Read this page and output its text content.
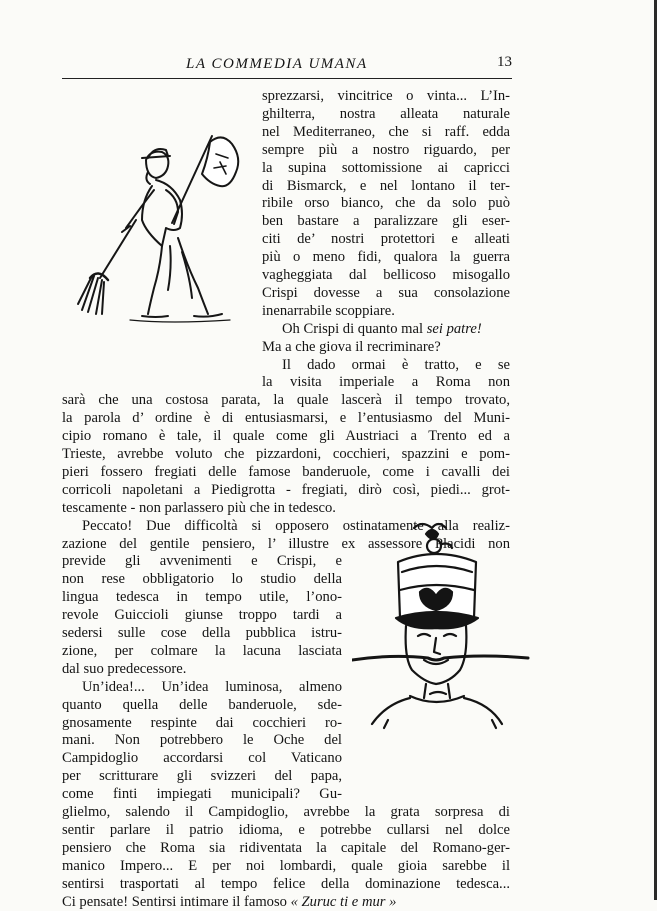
LA COMMEDIA UMANA	13
sprezzarsi, vincitrice o vinta... L’In-
ghilterra, nostra alleata naturale
nel Mediterraneo, che si raff. edda
sempre più a nostro riguardo, per
la supina sottomissione ai capricci
di Bismarck, e nel lontano il ter-
ribile orso bianco, che da solo può
ben bastare a paralizzare gli eser-
citi de’ nostri protettori e alleati
più o meno fidi, qualora la guerra
vagheggiata dal bellicoso misogallo
Crispi dovesse a sua consolazione
inenarrabile scoppiare.
Oh Crispi di quanto mal sei patre!
Ma a che giova il recriminare?
Il dado ormai è tratto, e se
la visita imperiale a Roma non
sarà che una costosa parata, la quale lascerà il tempo trovato,
la parola d’ ordine è di entusiasmarsi, e l’entusiasmo del Muni-
cipio romano è tale, il quale come gli Austriaci a Trento ed a
Trieste, avrebbe voluto che pizzardoni, cocchieri, spazzini e pom-
pieri fossero fregiati delle famose banderuole, come i cavalli dei
corricoli napoletani a Piedigrotta - fregiati, dirò così, piedi... grot-
tescamente - non parlassero più che in tedesco.
Peccato! Due difficoltà si opposero ostinatamente alla realiz-
zazione del gentile pensiero, l’ illustre ex assessore Placidi non
previde gli avvenimenti e Crispi, e
non rese obbligatorio lo studio della
lingua tedesca in tempo utile, l’ono-
revole Guiccioli giunse troppo tardi a
sedersi sulle cose della pubblica istru-
zione, per colmare la lacuna lasciata
dal suo predecessore.
Un’idea!... Un’idea luminosa, almeno
quanto quella delle banderuole, sde-
gnosamente respinte dai cocchieri ro-
mani. Non potrebbero le Oche del
Campidoglio accordarsi col Vaticano
per scritturare gli svizzeri del papa,
come finti impiegati municipali? Gu-
glielmo, salendo il Campidoglio, avrebbe la grata sorpresa di
sentir parlare il patrio idioma, e potrebbe cullarsi nel dolce
pensiero che Roma sia ridiventata la capitale del Romano-ger-
manico Impero... E per noi lombardi, quale gioia sarebbe il
sentirsi trasportati al tempo felice della dominazione tedesca...
Ci pensate! Sentirsi intimare il famoso « Zuruc ti e mur »
